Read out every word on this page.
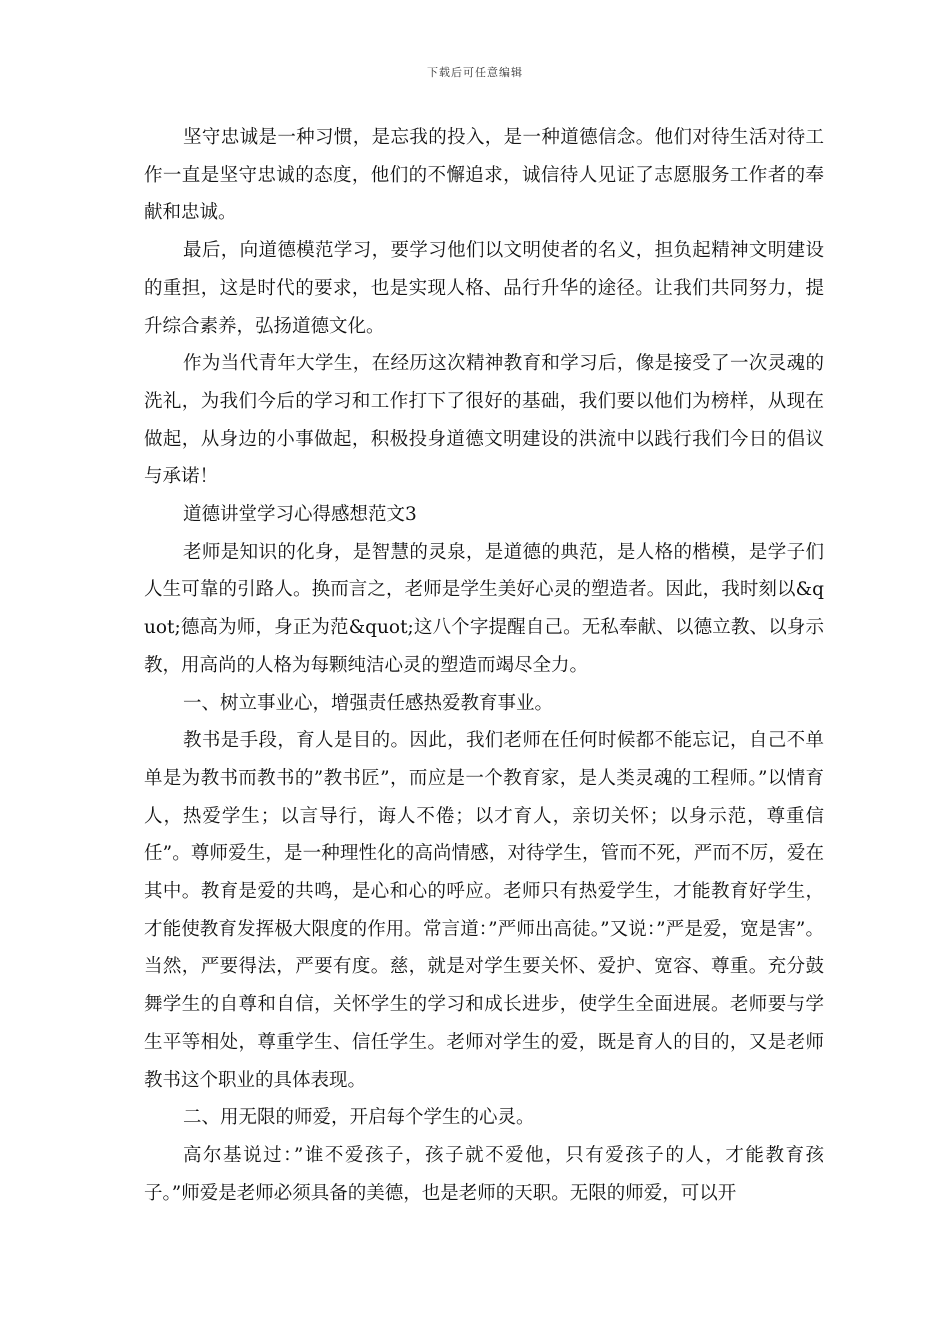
下载后可任意编辑

坚守忠诚是一种习惯，是忘我的投入，是一种道德信念。他们对待生活对待工作一直是坚守忠诚的态度，他们的不懈追求，诚信待人见证了志愿服务工作者的奉献和忠诚。

最后，向道德模范学习，要学习他们以文明使者的名义，担负起精神文明建设的重担，这是时代的要求，也是实现人格、品行升华的途径。让我们共同努力，提升综合素养，弘扬道德文化。

作为当代青年大学生，在经历这次精神教育和学习后，像是接受了一次灵魂的洗礼，为我们今后的学习和工作打下了很好的基础，我们要以他们为榜样，从现在做起，从身边的小事做起，积极投身道德文明建设的洪流中以践行我们今日的倡议与承诺！

道德讲堂学习心得感想范文3

老师是知识的化身，是智慧的灵泉，是道德的典范，是人格的楷模，是学子们人生可靠的引路人。换而言之，老师是学生美好心灵的塑造者。因此，我时刻以&quot;德高为师，身正为范&quot;这八个字提醒自己。无私奉献、以德立教、以身示教，用高尚的人格为每颗纯洁心灵的塑造而竭尽全力。

一、树立事业心，增强责任感热爱教育事业。

教书是手段，育人是目的。因此，我们老师在任何时候都不能忘记，自己不单单是为教书而教书的”教书匠”，而应是一个教育家，是人类灵魂的工程师。”以情育人，热爱学生；以言导行，诲人不倦；以才育人，亲切关怀；以身示范，尊重信任”。尊师爱生，是一种理性化的高尚情感，对待学生，管而不死，严而不厉，爱在其中。教育是爱的共鸣，是心和心的呼应。老师只有热爱学生，才能教育好学生，才能使教育发挥极大限度的作用。常言道：”严师出高徒。”又说：”严是爱，宽是害”。当然，严要得法，严要有度。慈，就是对学生要关怀、爱护、宽容、尊重。充分鼓舞学生的自尊和自信，关怀学生的学习和成长进步，使学生全面进展。老师要与学生平等相处，尊重学生、信任学生。老师对学生的爱，既是育人的目的，又是老师教书这个职业的具体表现。

二、用无限的师爱，开启每个学生的心灵。

高尔基说过：”谁不爱孩子，孩子就不爱他，只有爱孩子的人，才能教育孩子。”师爱是老师必须具备的美德，也是老师的天职。无限的师爱，可以开
